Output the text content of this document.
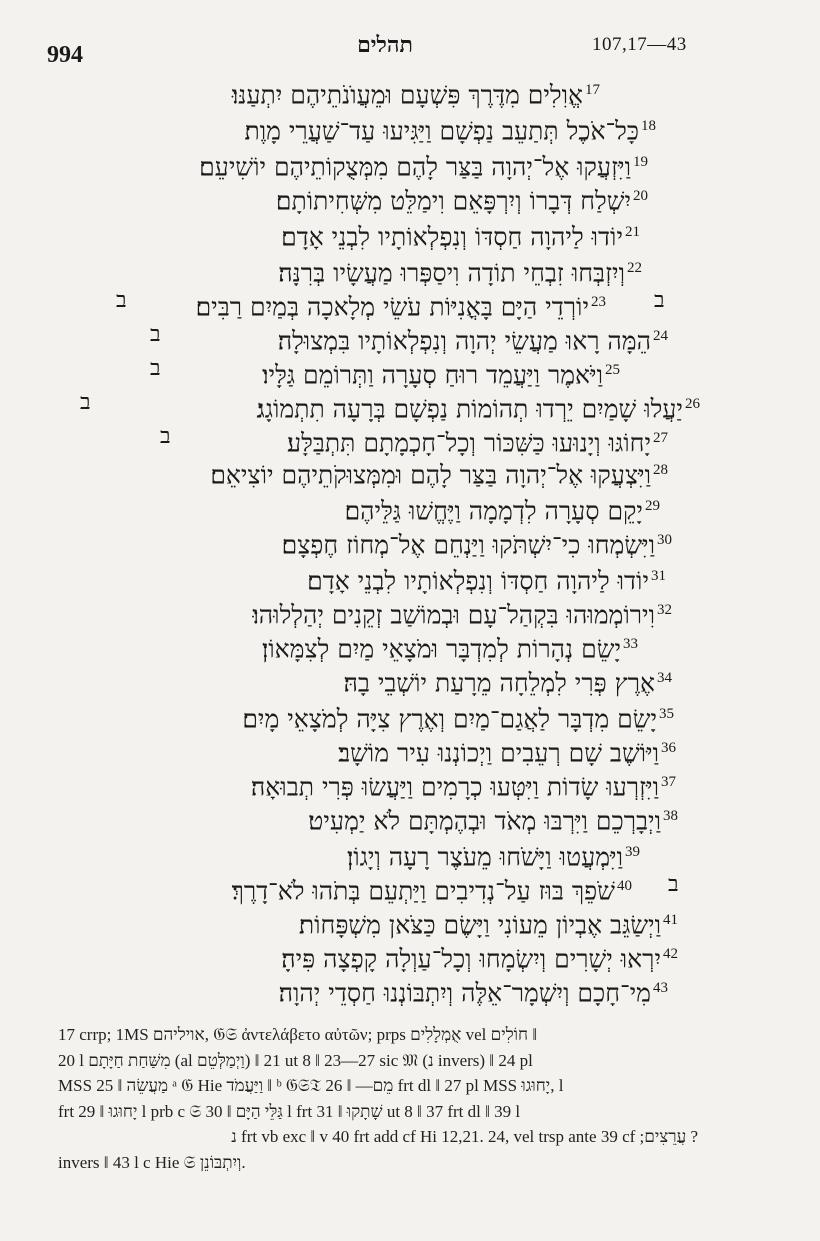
994	תהלים	107,17—43
$^{17}$אֱוִלִים מִדֶּרֶךְ פִּשְׁעָם וּמֵעֲוֺנֹתֵיהֶם יִתְעַנּוּ׃
$^{18}$כָּל־אֹכֶל תְּתַעֵב נַפְשָׁם וַיַּגִּיעוּ עַד־שַׁעֲרֵי מָוֶת׃
$^{19}$וַיִּזְעֲקוּ אֶל־יְהוָה בַּצַּר לָהֶם מִמְּצֻקוֹתֵיהֶם יוֹשִׁיעֵם׃
$^{20}$יִשְׁלַח דְּבָרוֹ וְיִרְפָּאֵם וִימַלֵּט מִשְּׁחִיתוֹתָם׃
$^{21}$יוֹדוּ לַיהוָה חַסְדּוֹ וְנִפְלְאוֹתָיו לִבְנֵי אָדָם׃
$^{22}$וְיִזְבְּחוּ זִבְחֵי תוֹדָה וִיסַפְּרוּ מַעֲשָׂיו בְּרִנָּה׃
$^{23}$יוֹרְדֵי הַיָּם בָּאֳנִיּוֹת עֹשֵׂי מְלָאכָה בְּמַיִם רַבִּים׃
$^{24}$הֵמָּה רָאוּ מַעֲשֵׂי יְהוָה וְנִפְלְאוֹתָיו בִּמְצוּלָה׃
$^{25}$וַיֹּאמֶר וַיַּעֲמֵד רוּחַ סְעָרָה וַתְּרוֹמֵם גַּלָּיו׃
$^{26}$יַעֲלוּ שָׁמַיִם יֵרְדוּ תְהוֹמוֹת נַפְשָׁם בְּרָעָה תִתְמוֹגָג׃
$^{27}$יָחוֹגּוּ וְיָנוּעוּ כַּשִּׁכּוֹר וְכָל־חָכְמָתָם תִּתְבַּלָּע׃
$^{28}$וַיִּצְעֲקוּ אֶל־יְהוָה בַּצַּר לָהֶם וּמִמְּצוּקֹתֵיהֶם יוֹצִיאֵם׃
$^{29}$יָקֵם סְעָרָה לִדְמָמָה וַיֶּחֱשׁוּ גַּלֵּיהֶם׃
$^{30}$וַיִּשְׂמְחוּ כִי־יִשְׁתֹּקוּ וַיַּנְחֵם אֶל־מְחוֹז חֶפְצָם׃
$^{31}$יוֹדוּ לַיהוָה חַסְדּוֹ וְנִפְלְאוֹתָיו לִבְנֵי אָדָם׃
$^{32}$וִירוֹמְמוּהוּ בִּקְהַל־עָם וּבְמוֹשַׁב זְקֵנִים יְהַלְלוּהוּ׃
$^{33}$יָשֵׂם נְהָרוֹת לְמִדְבָּר וּמֹצָאֵי מַיִם לְצִמָּאוֹן׃
$^{34}$אֶרֶץ פְּרִי לִמְלֵחָה מֵרָעַת יוֹשְׁבֵי בָהּ׃
$^{35}$יָשֵׂם מִדְבָּר לַאֲגַם־מַיִם וְאֶרֶץ צִיָּה לְמֹצָאֵי מָיִם׃
$^{36}$וַיּוֹשֶׁב שָׁם רְעֵבִים וַיְכוֹנְנוּ עִיר מוֹשָׁב׃
$^{37}$וַיִּזְרְעוּ שָׂדוֹת וַיִּטְּעוּ כְרָמִים וַיַּעֲשׂוּ פְּרִי תְבוּאָה׃
$^{38}$וַיְבָרְכֵם וַיִּרְבּוּ מְאֹד וּבְהֶמְתָּם לֹא יַמְעִיט׃
$^{39}$וַיִּמְעֲטוּ וַיָּשֹׁחוּ מֵעֹצֶר רָעָה וְיָגוֹן׃
$^{40}$שֹׁפֵךְ בּוּז עַל־נְדִיבִים וַיַּתְעֵם בְּתֹהוּ לֹא־דָרֶךְ׃
$^{41}$וַיְשַׂגֵּב אֶבְיוֹן מֵעוֹנִי וַיָּשֶׂם כַּצֹּאן מִשְׁפָּחוֹת׃
$^{42}$יִרְאוּ יְשָׁרִים וְיִשְׂמָחוּ וְכָל־עַוְלָה קָפְצָה פִּיהָ׃
$^{43}$מִי־חָכָם וְיִשְׁמָר־אֵלֶּה וְיִתְבּוֹנְנוּ חַסְדֵי יְהוָה׃
ב	ב
ב
ב
ב
ב
ב
17 crrp; 1MS אויליהם, 𝔊𝔖 ἀντελάβετο αὐτῶν; prps אֻמְלָלִים vel חוֹלִים ‖
20 l מִשַּׁחַת חַיָּתָם (al וַיְמַלְּטֵם) ‖ 21 ut 8 ‖ 23—27 sic 𝔐 (נ invers) ‖ 24 pl
MSS מַעֲשֵׂה ‖ 25 ᵃ 𝔊 Hie וַיַּעֲמֹד ‖ ᵇ 𝔊𝔖𝔗 מֵם— ‖ 26 frt dl ‖ 27 pl MSS יָחוּגוּ, l
frt יָחוּגוּ ‖ 29 l prb c 𝔖 גַּלֵּי הַיָּם ‖ 30 l frt שָׁתָקוּ ‖ 31 ut 8 ‖ 37 frt dl ‖ 39 l
? עֲרֵצִים; frt vb exc ‖ v 40 frt add cf Hi 12,21. 24, vel trsp ante 39 cf נ
invers ‖ 43 l c Hie 𝔖 וְיִתְבּוֹנֵן.
